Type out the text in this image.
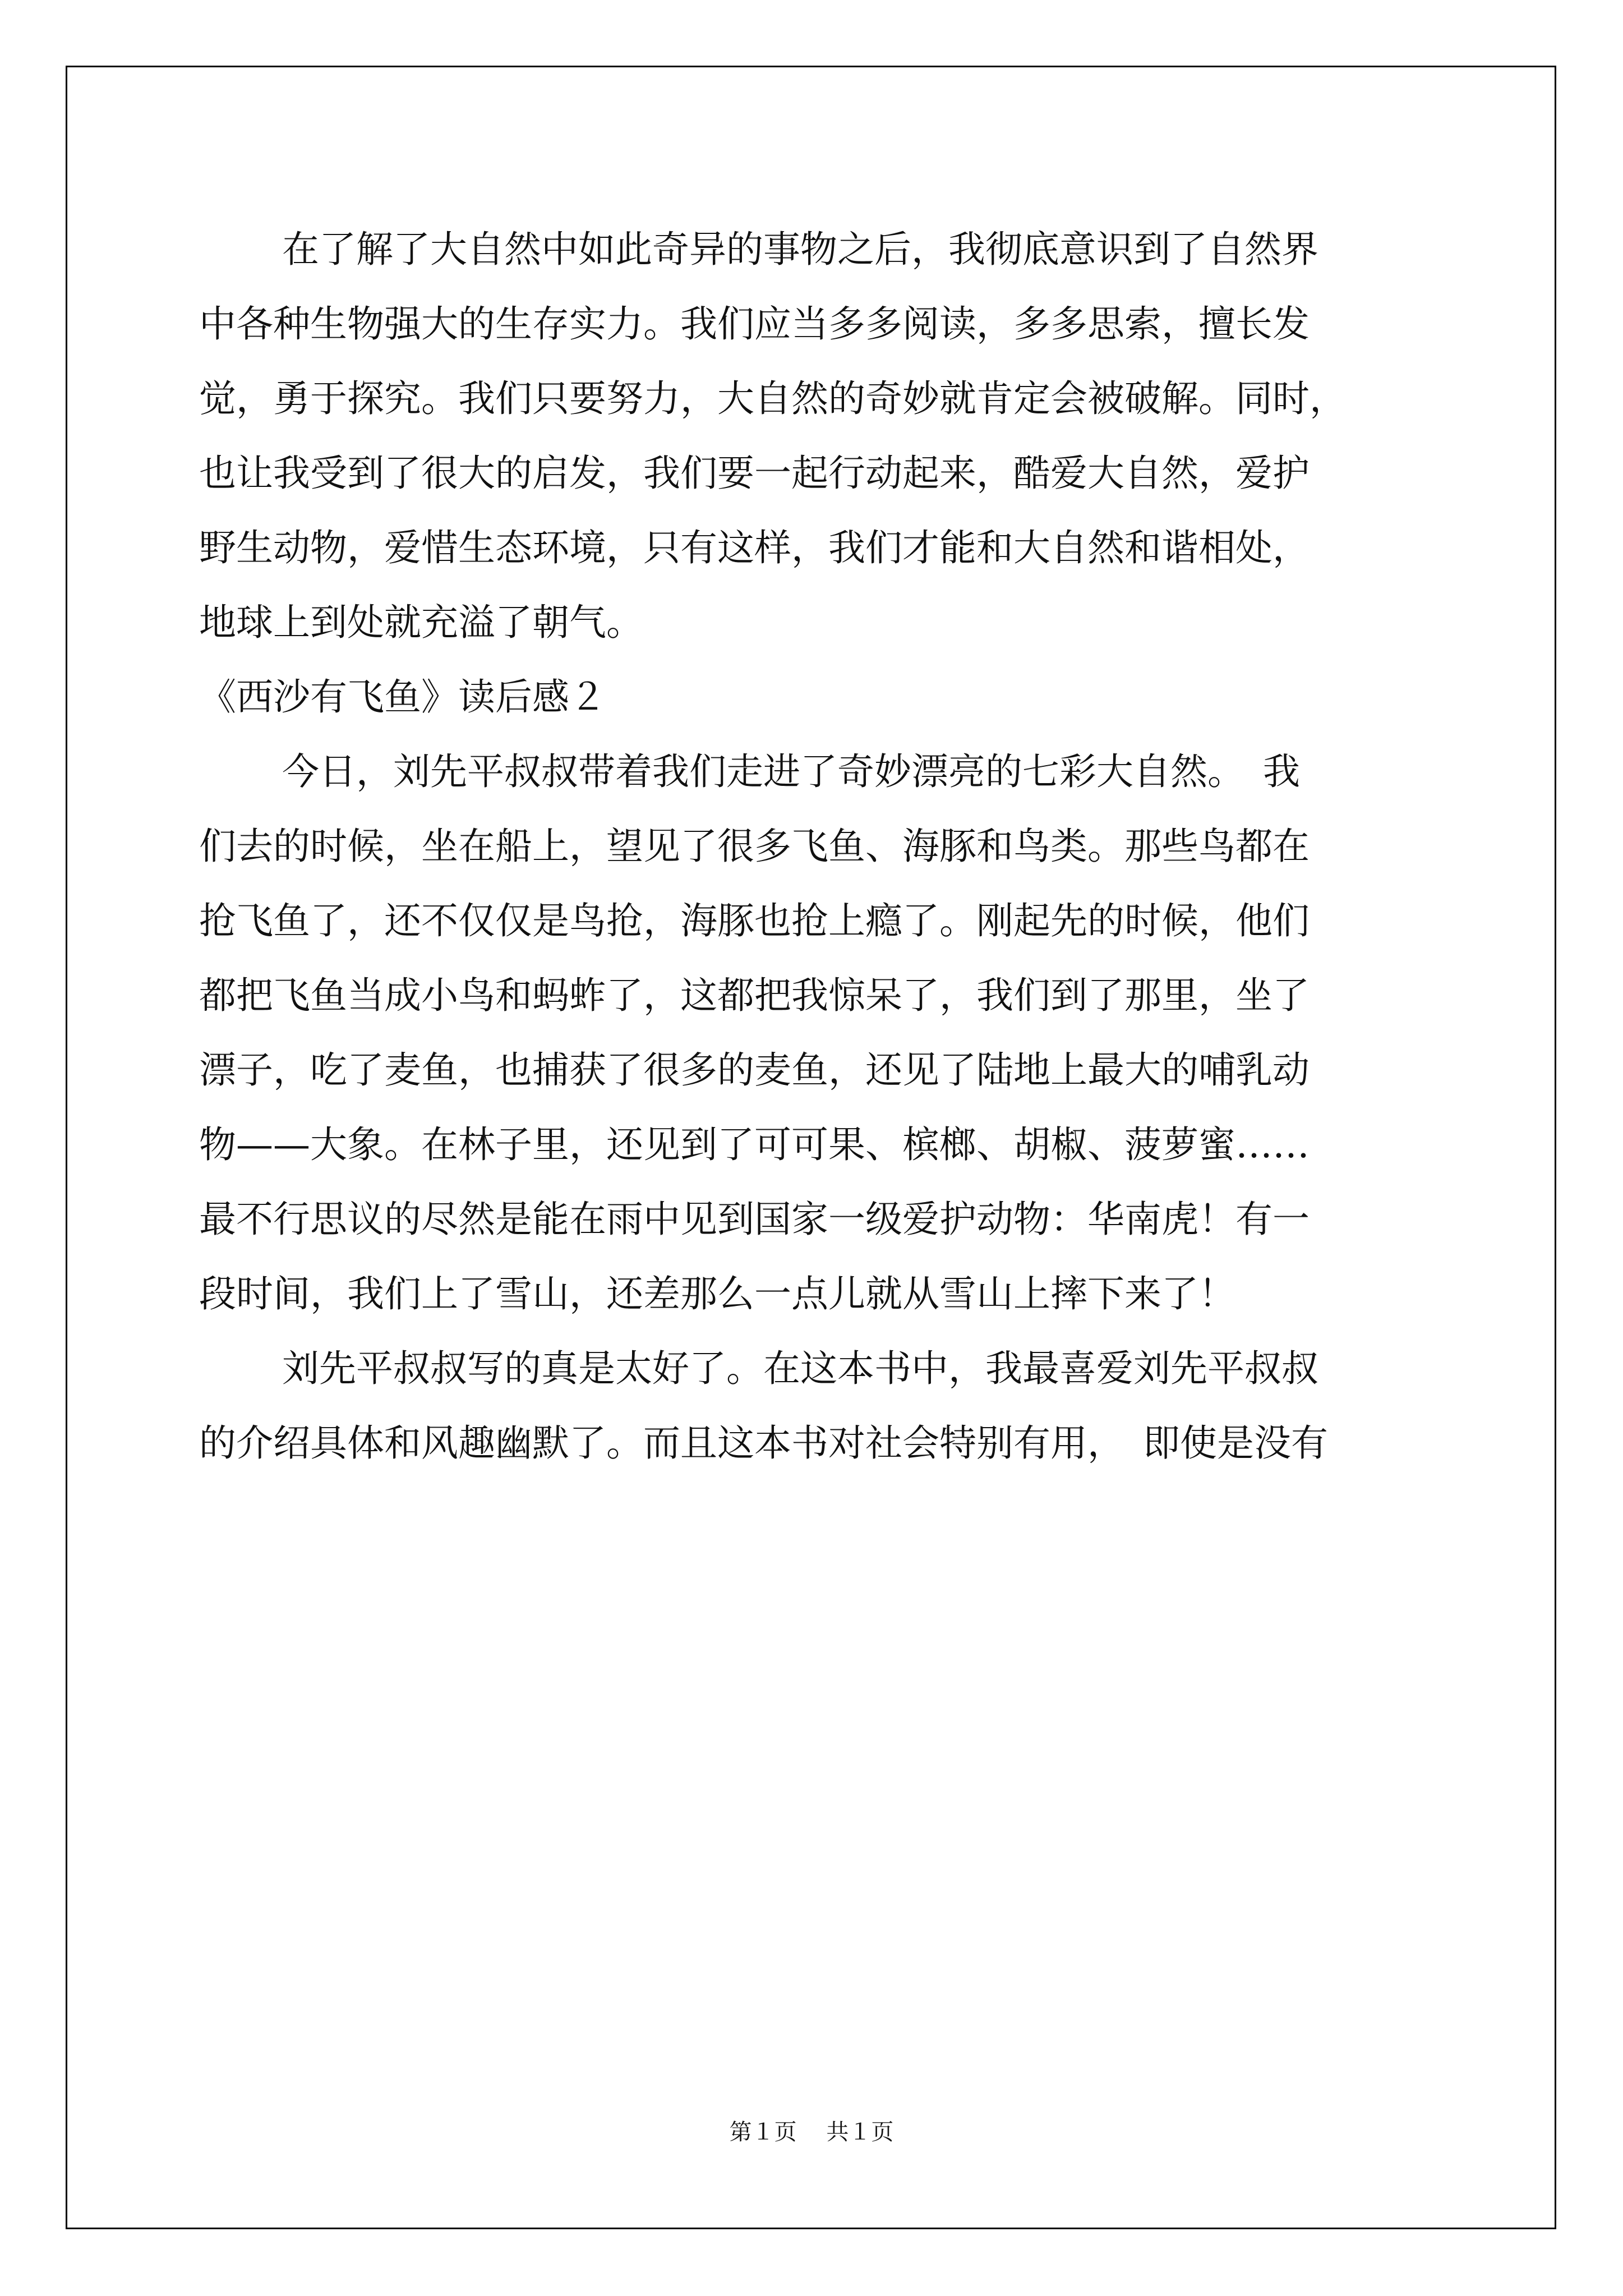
在了解了大自然中如此奇异的事物之后，我彻底意识到了自然界
中各种生物强大的生存实力。我们应当多多阅读，多多思索，擅长发
觉，勇于探究。我们只要努力，大自然的奇妙就肯定会被破解。同时，
也让我受到了很大的启发，我们要一起行动起来，酷爱大自然，爱护
野生动物，爱惜生态环境，只有这样，我们才能和大自然和谐相处，
地球上到处就充溢了朝气。
《西沙有飞鱼》读后感２
今日，刘先平叔叔带着我们走进了奇妙漂亮的七彩大自然。　我
们去的时候，坐在船上，望见了很多飞鱼、海豚和鸟类。那些鸟都在
抢飞鱼了，还不仅仅是鸟抢，海豚也抢上瘾了。刚起先的时候，他们
都把飞鱼当成小鸟和蚂蚱了，这都把我惊呆了，我们到了那里，坐了
漂子，吃了麦鱼，也捕获了很多的麦鱼，还见了陆地上最大的哺乳动
物——大象。在林子里，还见到了可可果、槟榔、胡椒、菠萝蜜……
最不行思议的尽然是能在雨中见到国家一级爱护动物：华南虎！有一
段时间，我们上了雪山，还差那么一点儿就从雪山上摔下来了！
刘先平叔叔写的真是太好了。在这本书中，我最喜爱刘先平叔叔
的介绍具体和风趣幽默了。而且这本书对社会特别有用，　即使是没有
第１页　 共１页
